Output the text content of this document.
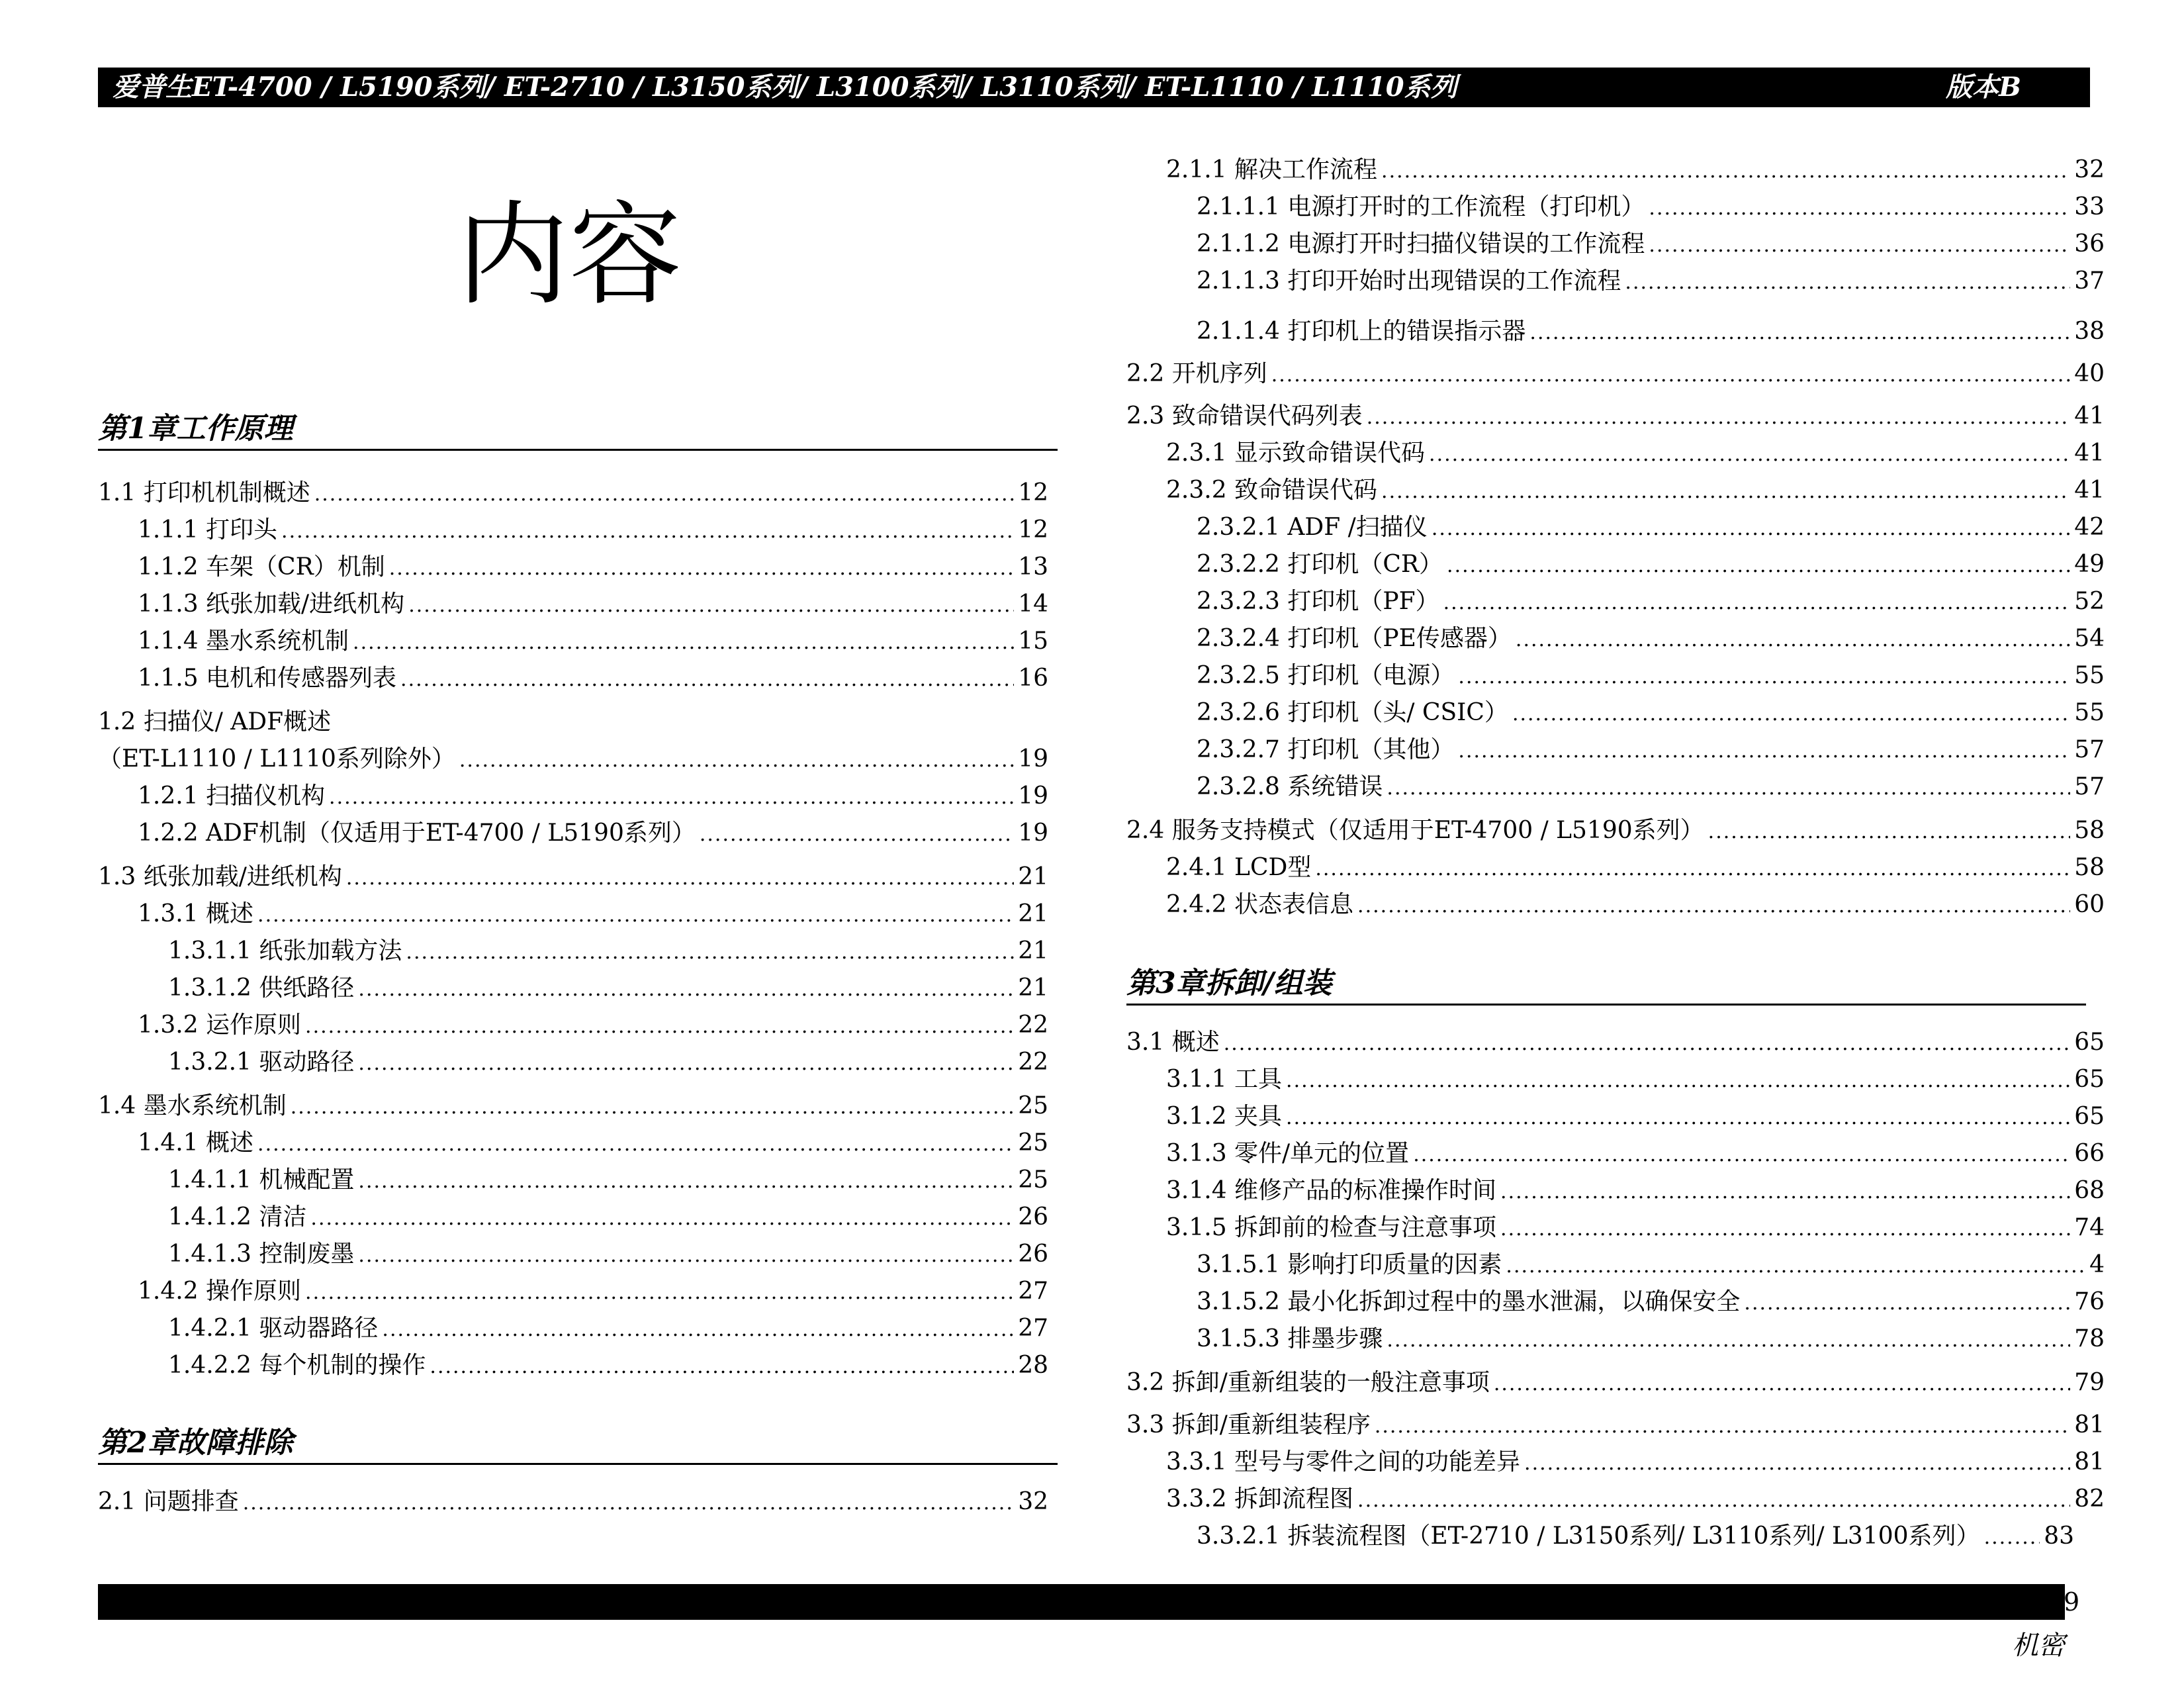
爱普生ET-4700 / L5190系列/ ET-2710 / L3150系列/ L3100系列/ L3110系列/ ET-L1110 / L1110系列	版本B
内容
第1章工作原理
第2章故障排除
第3章拆卸/组装
1.1 打印机机制概述 .....	12
1.1.1 打印头 .....	12
1.1.2 车架（CR）机制 .....	13
1.1.3 纸张加载/进纸机构 .....	14
1.1.4 墨水系统机制 .....	15
1.1.5 电机和传感器列表 .....	16
1.2 扫描仪/ ADF概述
（ET-L1110 / L1110系列除外） .....	19
1.2.1 扫描仪机构 .....	19
1.2.2 ADF机制（仅适用于ET-4700 / L5190系列） .....	19
1.3 纸张加载/进纸机构 .....	21
1.3.1 概述 .....	21
1.3.1.1 纸张加载方法 .....	21
1.3.1.2 供纸路径 .....	21
1.3.2 运作原则 .....	22
1.3.2.1 驱动路径 .....	22
1.4 墨水系统机制 .....	25
1.4.1 概述 .....	25
1.4.1.1 机械配置 .....	25
1.4.1.2 清洁 .....	26
1.4.1.3 控制废墨 .....	26
1.4.2 操作原则 .....	27
1.4.2.1 驱动器路径 .....	27
1.4.2.2 每个机制的操作 .....	28
2.1 问题排查 .....	32
2.1.1 解决工作流程 .....	32
2.1.1.1 电源打开时的工作流程（打印机） .....	33
2.1.1.2 电源打开时扫描仪错误的工作流程 .....	36
2.1.1.3 打印开始时出现错误的工作流程 .....	37
2.1.1.4 打印机上的错误指示器 .....	38
2.2 开机序列 .....	40
2.3 致命错误代码列表 .....	41
2.3.1 显示致命错误代码 .....	41
2.3.2 致命错误代码 .....	41
2.3.2.1 ADF /扫描仪 .....	42
2.3.2.2 打印机（CR） .....	49
2.3.2.3 打印机（PF） .....	52
2.3.2.4 打印机（PE传感器） .....	54
2.3.2.5 打印机（电源） .....	55
2.3.2.6 打印机（头/ CSIC） .....	55
2.3.2.7 打印机（其他） .....	57
2.3.2.8 系统错误 .....	57
2.4 服务支持模式（仅适用于ET-4700 / L5190系列） .....	58
2.4.1 LCD型 .....	58
2.4.2 状态表信息 .....	60
3.1 概述 .....	65
3.1.1 工具 .....	65
3.1.2 夹具 .....	65
3.1.3 零件/单元的位置 .....	66
3.1.4 维修产品的标准操作时间 .....	68
3.1.5 拆卸前的检查与注意事项 .....	74
3.1.5.1 影响打印质量的因素 .....	4
3.1.5.2 最小化拆卸过程中的墨水泄漏，以确保安全 .....	76
3.1.5.3 排墨步骤 .....	78
3.2 拆卸/重新组装的一般注意事项 .....	79
3.3 拆卸/重新组装程序 .....	81
3.3.1 型号与零件之间的功能差异 .....	81
3.3.2 拆卸流程图 .....	82
3.3.2.1 拆装流程图（ET-2710 / L3150系列/ L3110系列/ L3100系列） .....	83
9
机密
